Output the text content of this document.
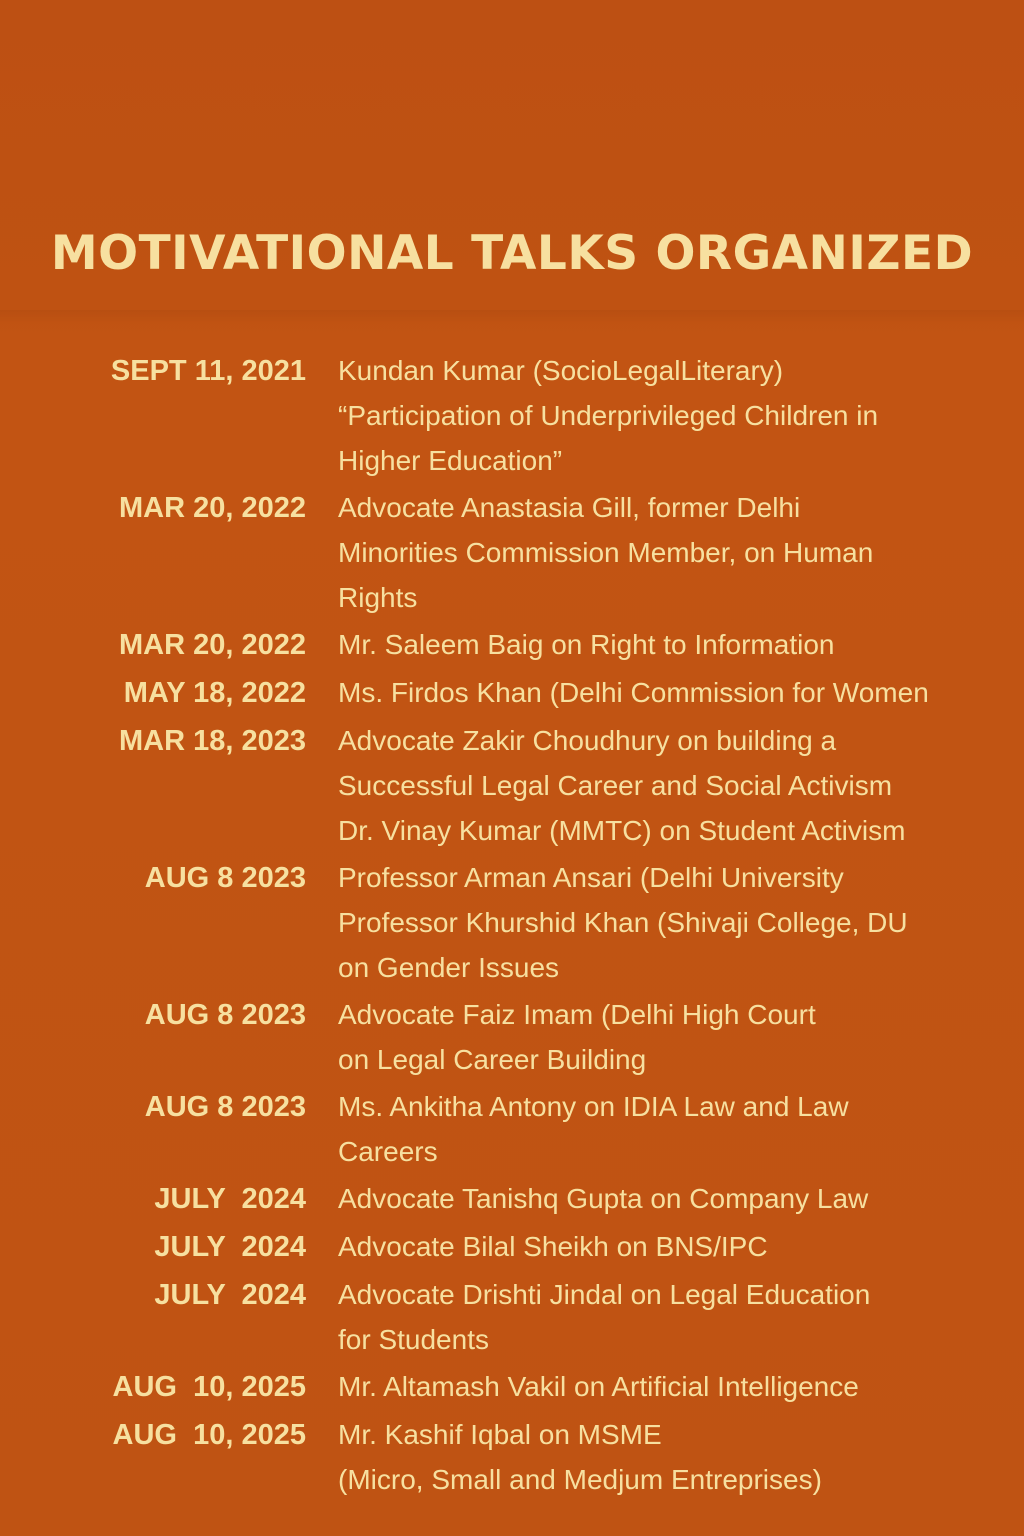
MOTIVATIONAL TALKS ORGANIZED
SEPT 11, 2021 Kundan Kumar (SocioLegalLiterary)
“Participation of Underprivileged Children in
Higher Education”
MAR 20, 2022 Advocate Anastasia Gill, former Delhi
Minorities Commission Member, on Human
Rights
MAR 20, 2022 Mr. Saleem Baig on Right to Information
MAY 18, 2022 Ms. Firdos Khan (Delhi Commission for Women
MAR 18, 2023 Advocate Zakir Choudhury on building a
Successful Legal Career and Social Activism
Dr. Vinay Kumar (MMTC) on Student Activism
AUG 8 2023 Professor Arman Ansari (Delhi University
Professor Khurshid Khan (Shivaji College, DU
on Gender Issues
AUG 8 2023 Advocate Faiz Imam (Delhi High Court
on Legal Career Building
AUG 8 2023 Ms. Ankitha Antony on IDIA Law and Law
Careers
JULY  2024 Advocate Tanishq Gupta on Company Law
JULY  2024 Advocate Bilal Sheikh on BNS/IPC
JULY  2024 Advocate Drishti Jindal on Legal Education
for Students
AUG  10, 2025 Mr. Altamash Vakil on Artificial Intelligence
AUG  10, 2025 Mr. Kashif Iqbal on MSME
(Micro, Small and Medjum Entreprises)
